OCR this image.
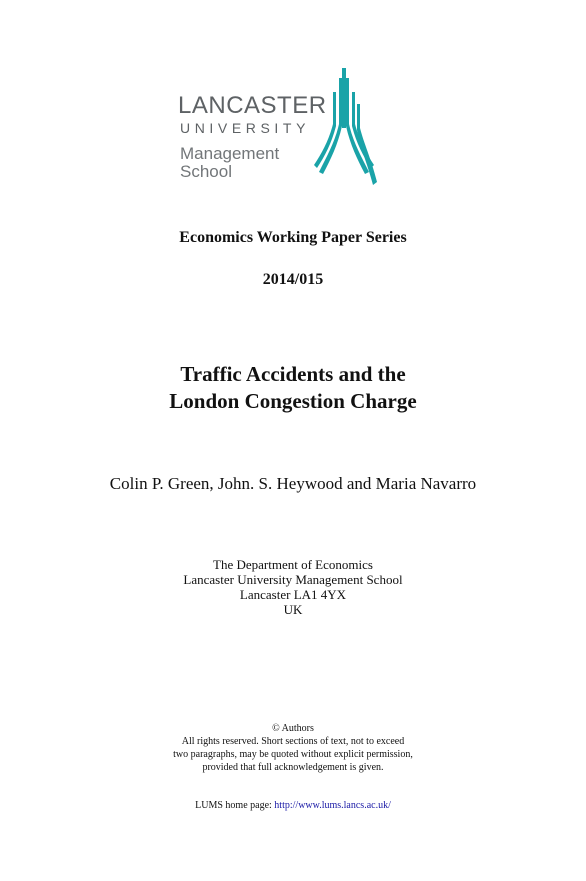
LANCASTER
UNIVERSITY
Management
School
Economics Working Paper Series
2014/015
Traffic Accidents and the
London Congestion Charge
Colin P. Green, John. S. Heywood and Maria Navarro
The Department of Economics
Lancaster University Management School
Lancaster LA1 4YX
UK
© Authors
All rights reserved. Short sections of text, not to exceed
two paragraphs, may be quoted without explicit permission,
provided that full acknowledgement is given.
LUMS home page: http://www.lums.lancs.ac.uk/
